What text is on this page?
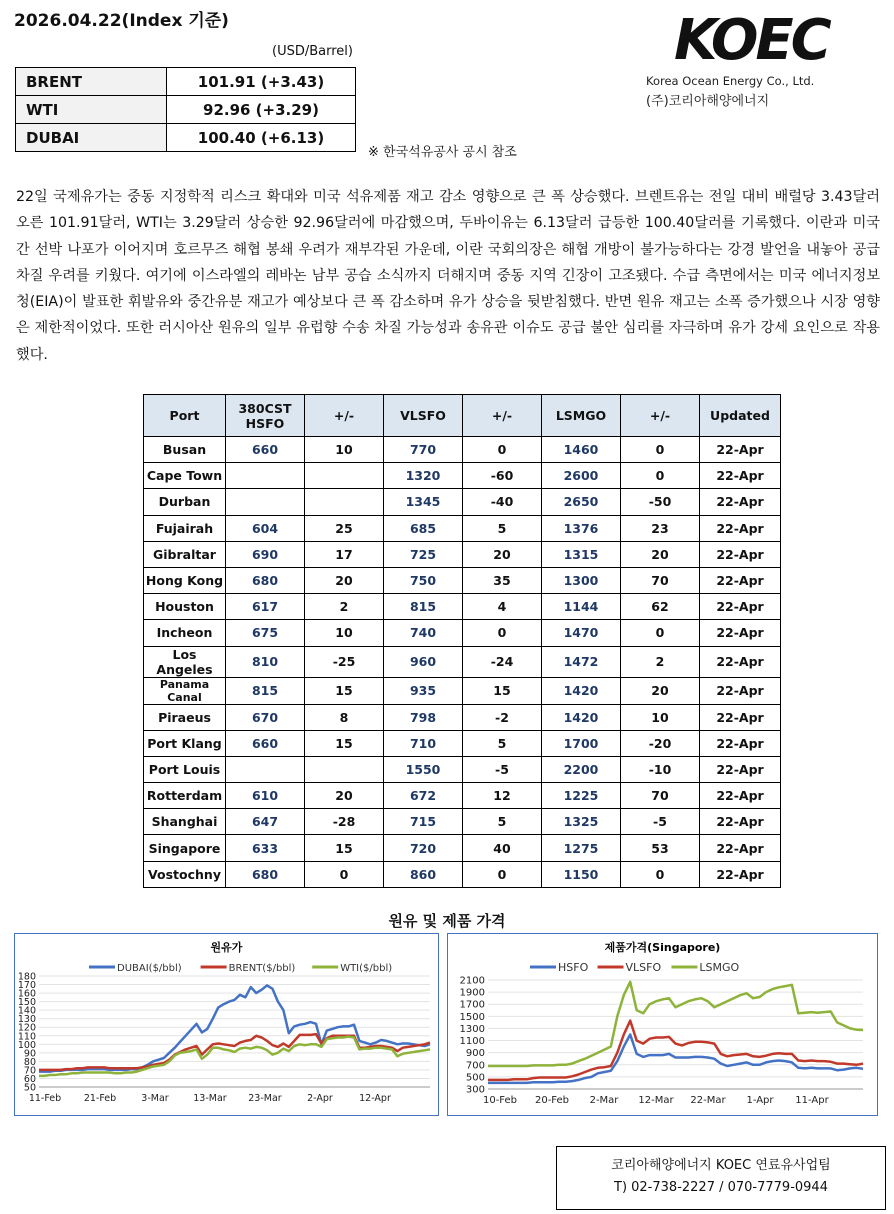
2026.04.22(Index 기준)
(USD/Barrel)
BRENT	101.91 (+3.43)
WTI	92.96 (+3.29)
DUBAI	100.40 (+6.13)
※ 한국석유공사 공시 참조
KOEC
Korea Ocean Energy Co., Ltd.
(주)코리아해양에너지
22일 국제유가는 중동 지정학적 리스크 확대와 미국 석유제품 재고 감소 영향으로 큰 폭 상승했다. 브렌트유는 전일 대비 배럴당 3.43달러 오른 101.91달러, WTI는 3.29달러 상승한 92.96달러에 마감했으며, 두바이유는 6.13달러 급등한 100.40달러를 기록했다. 이란과 미국 간 선박 나포가 이어지며 호르무즈 해협 봉쇄 우려가 재부각된 가운데, 이란 국회의장은 해협 개방이 불가능하다는 강경 발언을 내놓아 공급 차질 우려를 키웠다. 여기에 이스라엘의 레바논 남부 공습 소식까지 더해지며 중동 지역 긴장이 고조됐다. 수급 측면에서는 미국 에너지정보청(EIA)이 발표한 휘발유와 중간유분 재고가 예상보다 큰 폭 감소하며 유가 상승을 뒷받침했다. 반면 원유 재고는 소폭 증가했으나 시장 영향은 제한적이었다. 또한 러시아산 원유의 일부 유럽향 수송 차질 가능성과 송유관 이슈도 공급 불안 심리를 자극하며 유가 강세 요인으로 작용했다.
Port	380CST HSFO	+/-	VLSFO	+/-	LSMGO	+/-	Updated
Busan	660	10	770	0	1460	0	22-Apr
Cape Town			1320	-60	2600	0	22-Apr
Durban			1345	-40	2650	-50	22-Apr
Fujairah	604	25	685	5	1376	23	22-Apr
Gibraltar	690	17	725	20	1315	20	22-Apr
Hong Kong	680	20	750	35	1300	70	22-Apr
Houston	617	2	815	4	1144	62	22-Apr
Incheon	675	10	740	0	1470	0	22-Apr
Los Angeles	810	-25	960	-24	1472	2	22-Apr
Panama Canal	815	15	935	15	1420	20	22-Apr
Piraeus	670	8	798	-2	1420	10	22-Apr
Port Klang	660	15	710	5	1700	-20	22-Apr
Port Louis			1550	-5	2200	-10	22-Apr
Rotterdam	610	20	672	12	1225	70	22-Apr
Shanghai	647	-28	715	5	1325	-5	22-Apr
Singapore	633	15	720	40	1275	53	22-Apr
Vostochny	680	0	860	0	1150	0	22-Apr
원유 및 제품 가격
원유가
DUBAI($/bbl)	BRENT($/bbl)	WTI($/bbl)
50
60
70
80
90
100
110
120
130
140
150
160
170
180
11-Feb 21-Feb	3-Mar	13-Mar 23-Mar	2-Apr	12-Apr
제품가격(Singapore)
HSFO	VLSFO	LSMGO
300
500
700
900
1100
1300
1500
1700
1900
2100
10-Feb 20-Feb 2-Mar 12-Mar 22-Mar 1-Apr 11-Apr
코리아해양에너지 KOEC 연료유사업팀
T) 02-738-2227 / 070-7779-0944
